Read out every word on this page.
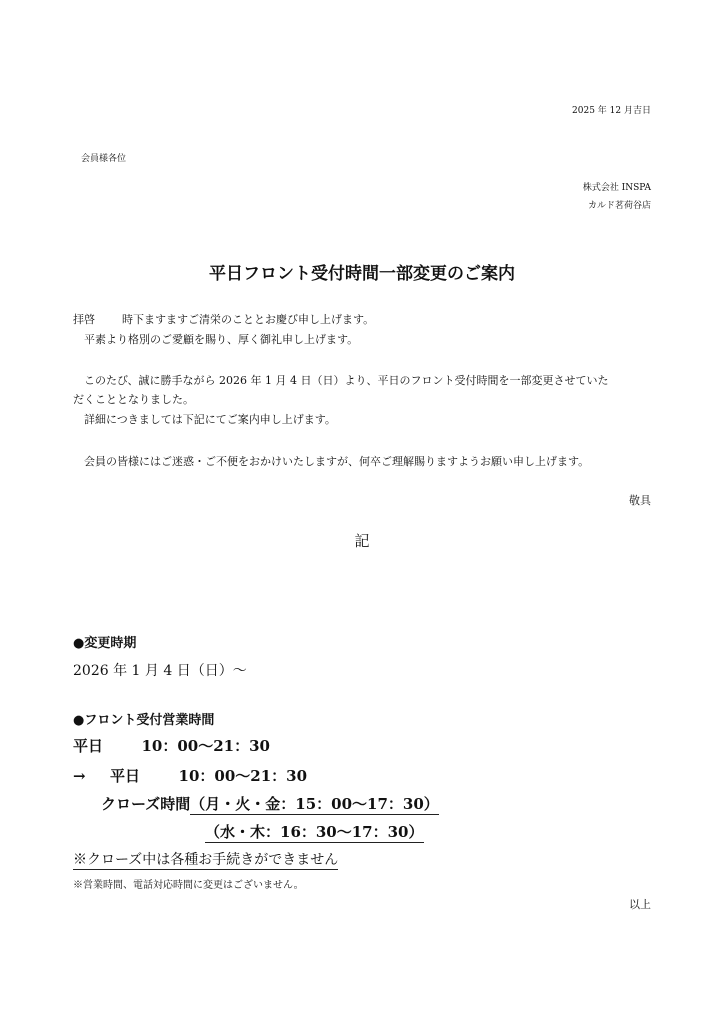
2025 年 12 月吉日
会員様各位
株式会社 INSPA
カルド茗荷谷店
平日フロント受付時間一部変更のご案内
拝啓 時下ますますご清栄のこととお慶び申し上げます。
平素より格別のご愛顧を賜り、厚く御礼申し上げます。
このたび、誠に勝手ながら 2026 年 1 月 4 日（日）より、平日のフロント受付時間を一部変更させていた
だくこととなりました。
詳細につきましては下記にてご案内申し上げます。
会員の皆様にはご迷惑・ご不便をおかけいたしますが、何卒ご理解賜りますようお願い申し上げます。
敬具
記
●変更時期
2026 年 1 月 4 日（日）～
●フロント受付営業時間
平日	10：00～21：30
→ 平日	10：00～21：30
クローズ時間（月・火・金：15：00～17：30）
（水・木：16：30～17：30）
※クローズ中は各種お手続きができません
※営業時間、電話対応時間に変更はございません。
以上
